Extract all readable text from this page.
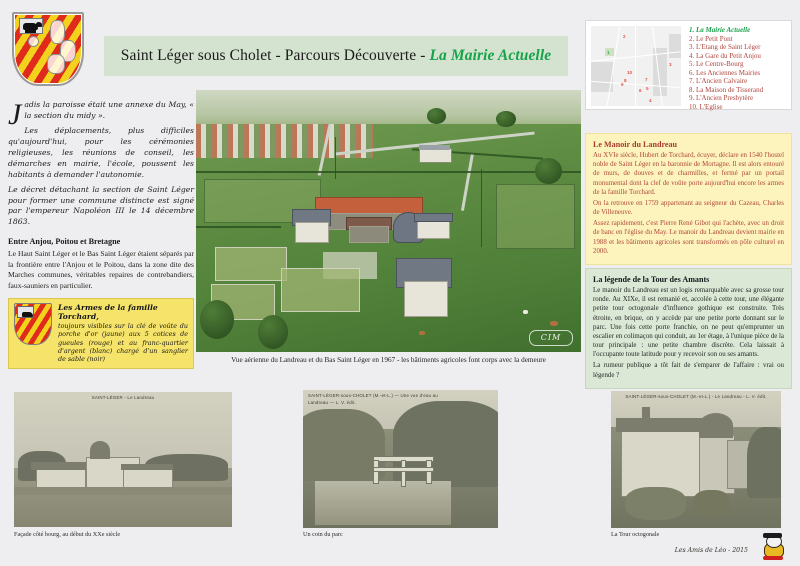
Saint Léger sous Cholet - Parcours Découverte - La Mairie Actuelle

Jadis la paroisse était une annexe du May, « la section du midy ».

Les déplacements, plus difficiles qu'aujourd'hui, pour les cérémonies religieuses, les réunions de conseil, les démarches en mairie, l'école, poussent les habitants à demander l'autonomie.

Le décret détachant la section de Saint Léger pour former une commune distincte est signé par l'empereur Napoléon III le 14 décembre 1863.

Entre Anjou, Poitou et Bretagne

Le Haut Saint Léger et le Bas Saint Léger étaient séparés par la frontière entre l'Anjou et le Poitou, dans la zone dite des Marches communes, véritables repaires de contrebandiers, faux-sauniers en particulier.

Les Armes de la famille Torchard,

toujours visibles sur la clé de voûte du porche d'or (jaune) aux 5 cotices de gueules (rouge) et au franc-quartier d'argent (blanc) chargé d'un sanglier de sable (noir)

CIM
Vue aérienne du Landreau et du Bas Saint Léger en 1967 - les bâtiments agricoles font corps avec la demeure
1
2
3
4
5
6
7
8
9
10
1. La Mairie Actuelle
2. Le Petit Pont
3. L'Etang de Saint Léger
4. La Gare du Petit Anjou
5. Le Centre-Bourg
6. Les Anciennes Mairies
7. L'Ancien Calvaire
8. La Maison de Tisserand
9. L'Ancien Presbytère
10. L'Eglise
Le Manoir du Landreau

Au XVIe siècle, Hubert de Torchard, écuyer, déclare en 1540 l'hostel noble de Saint Léger en la baronnie de Mortagne. Il est alors entouré de murs, de douves et de charmilles, et fermé par un portail monumental dont la clef de voûte porte aujourd'hui encore les armes de la famille Torchard.

On la retrouve en 1759 appartenant au seigneur du Cazeau, Charles de Villeneuve.

Assez rapidement, c'est Pierre René Gibot qui l'achète, avec un droit de banc en l'église du May. Le manoir du Landreau devient mairie en 1988 et les bâtiments agricoles sont transformés en pôle culturel en 2000.

La légende de la Tour des Amants

Le manoir du Landreau est un logis remarquable avec sa grosse tour ronde. Au XIXe, il est remanié et, accolée à cette tour, une élégante petite tour octogonale d'influence gothique est construite. Très étroite, en brique, on y accède par une petite porte donnant sur le parc. Une fois cette porte franchie, on ne peut qu'emprunter un escalier en colimaçon qui conduit, au 1er étage, à l'unique pièce de la tour principale : une petite chambre discrète. Cela laissait à l'occupante toute latitude pour y recevoir son ou ses amants.

La rumeur publique a tôt fait de s'emparer de l'affaire : vrai ou légende ?

SAINT-LÉGER - Le Landreau
Façade côté bourg, au début du XXe siècle
SAINT-LÉGER-sous-CHOLET (M.-et-L.) — Une vue d'eau au Landreau — L. V. édit.
Un coin du parc
SAINT-LÉGER-sous-CHOLET (M.-et-L.) - Le Landreau - L. V. édit.
La Tour octogonale
Les Amis de Léo - 2015
